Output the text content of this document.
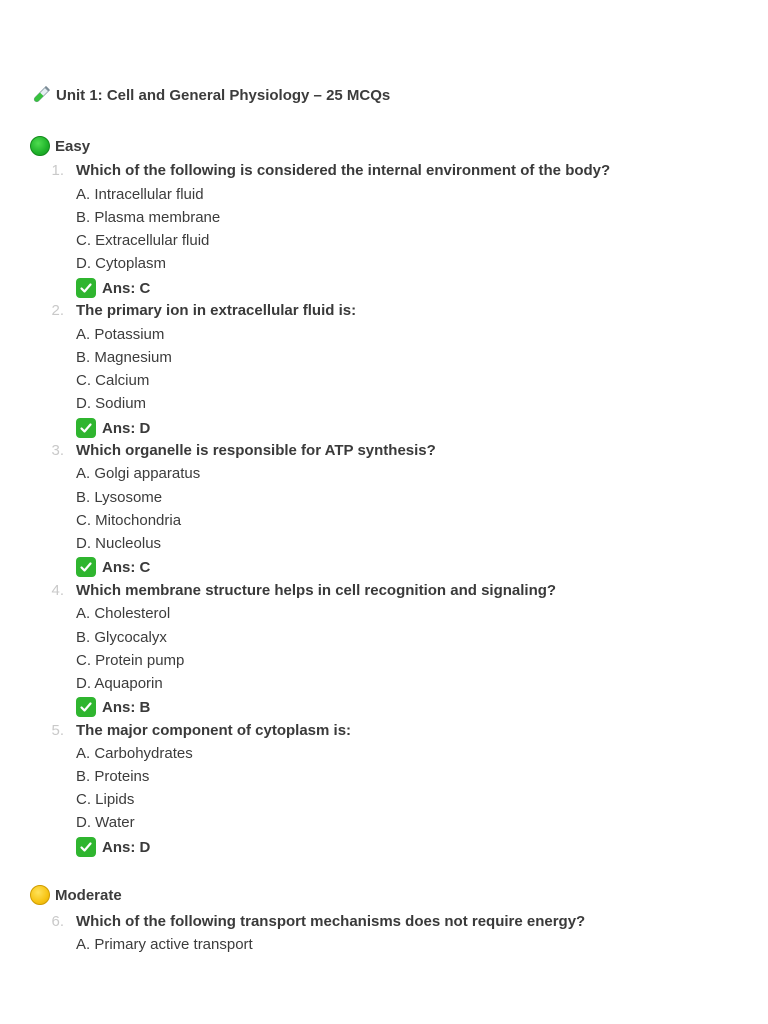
Unit 1: Cell and General Physiology – 25 MCQs
Easy
1. Which of the following is considered the internal environment of the body?
A. Intracellular fluid
B. Plasma membrane
C. Extracellular fluid
D. Cytoplasm
Ans: C
2. The primary ion in extracellular fluid is:
A. Potassium
B. Magnesium
C. Calcium
D. Sodium
Ans: D
3. Which organelle is responsible for ATP synthesis?
A. Golgi apparatus
B. Lysosome
C. Mitochondria
D. Nucleolus
Ans: C
4. Which membrane structure helps in cell recognition and signaling?
A. Cholesterol
B. Glycocalyx
C. Protein pump
D. Aquaporin
Ans: B
5. The major component of cytoplasm is:
A. Carbohydrates
B. Proteins
C. Lipids
D. Water
Ans: D
Moderate
6. Which of the following transport mechanisms does not require energy?
A. Primary active transport
